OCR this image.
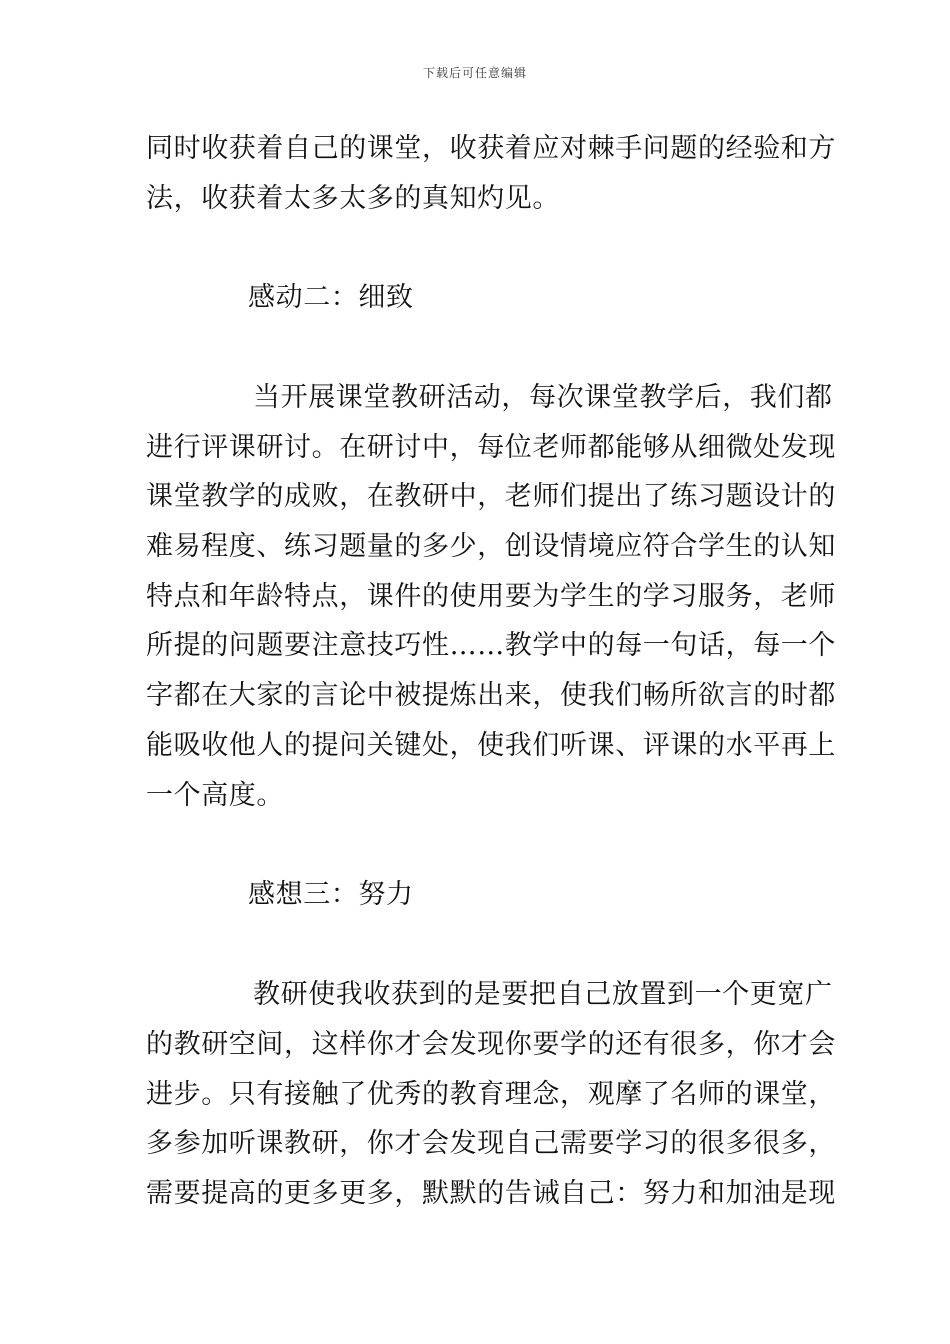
下载后可任意编辑
同时收获着自己的课堂，收获着应对棘手问题的经验和方
法，收获着太多太多的真知灼见。
感动二：细致
当开展课堂教研活动，每次课堂教学后，我们都
进行评课研讨。在研讨中，每位老师都能够从细微处发现
课堂教学的成败，在教研中，老师们提出了练习题设计的
难易程度、练习题量的多少，创设情境应符合学生的认知
特点和年龄特点，课件的使用要为学生的学习服务，老师
所提的问题要注意技巧性……教学中的每一句话，每一个
字都在大家的言论中被提炼出来，使我们畅所欲言的时都
能吸收他人的提问关键处，使我们听课、评课的水平再上
一个高度。
感想三：努力
教研使我收获到的是要把自己放置到一个更宽广
的教研空间，这样你才会发现你要学的还有很多，你才会
进步。只有接触了优秀的教育理念，观摩了名师的课堂，
多参加听课教研，你才会发现自己需要学习的很多很多，
需要提高的更多更多，默默的告诫自己：努力和加油是现
